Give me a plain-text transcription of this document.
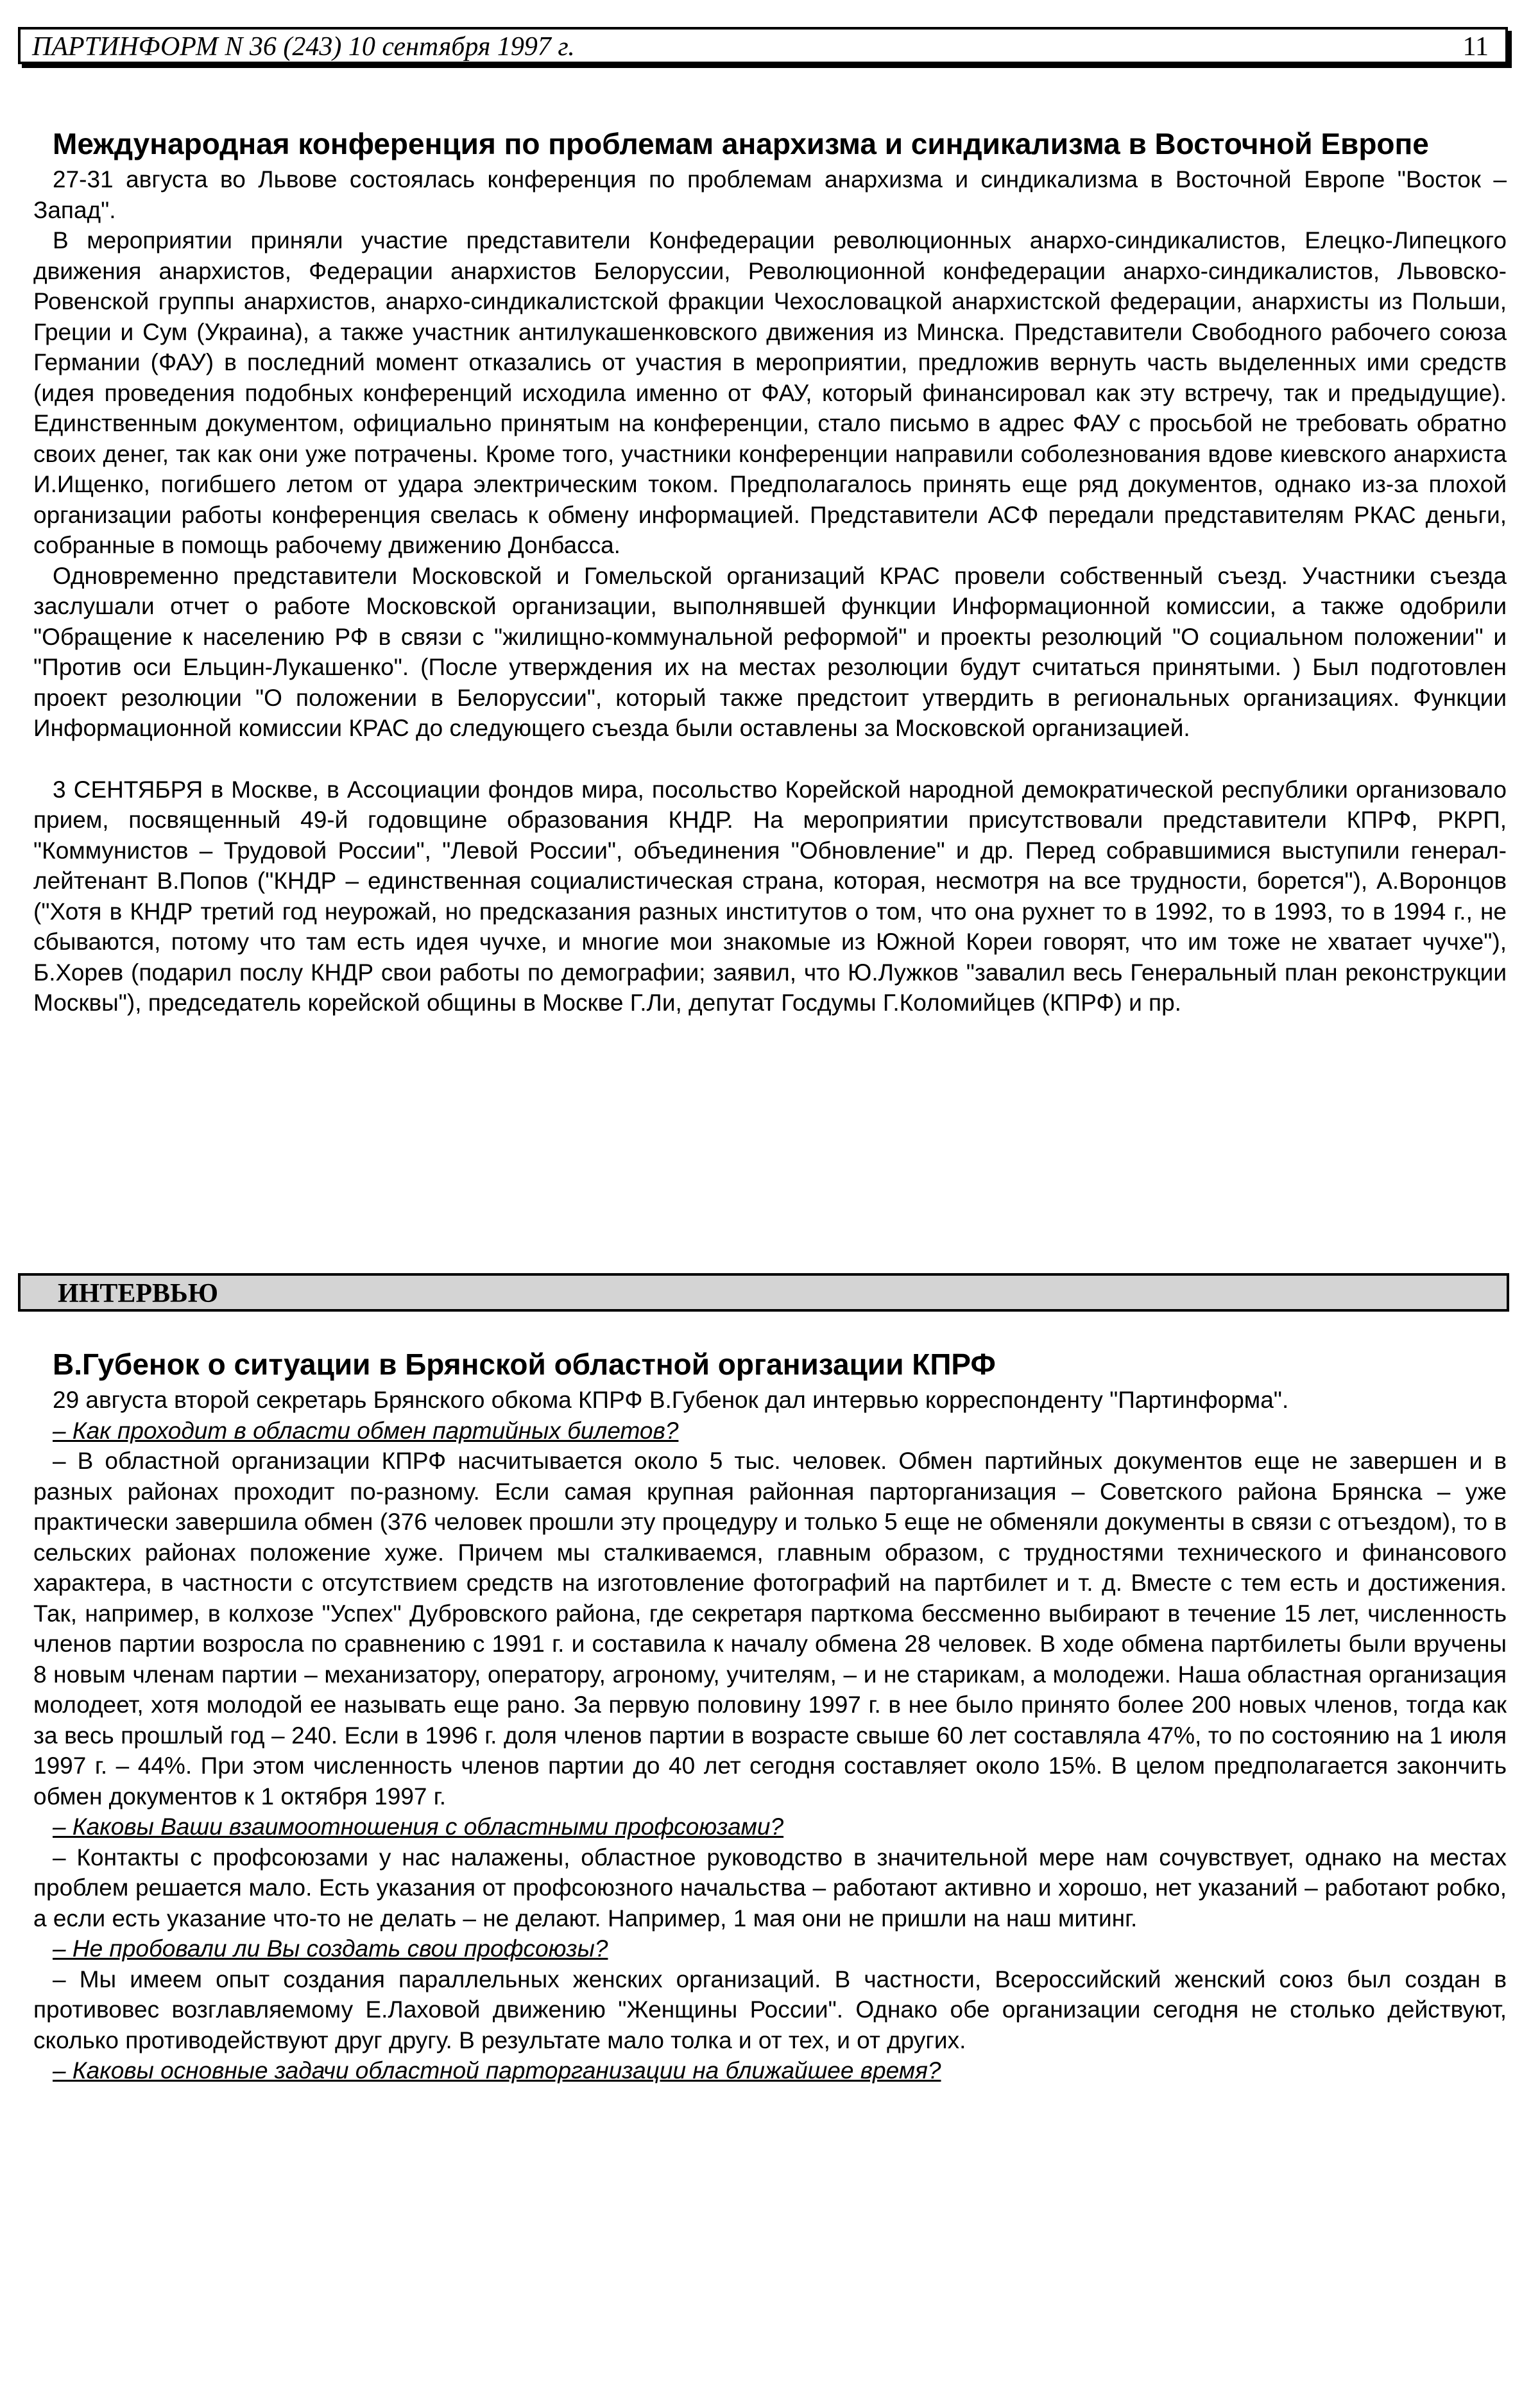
ПАРТИНФОРМ N 36 (243) 10 сентября 1997 г.	11
Международная конференция по проблемам анархизма и синдикализма в Восточной Европе

27-31 августа во Львове состоялась конференция по проблемам анархизма и синдикализма в Восточной Европе "Восток – Запад".

В мероприятии приняли участие представители Конфедерации революционных анархо-синдикалистов, Елецко-Липецкого движения анархистов, Федерации анархистов Белоруссии, Революционной конфедерации анархо-синдикалистов, Львовско-Ровенской группы анархистов, анархо-синдикалистской фракции Чехословацкой анархистской федерации, анархисты из Польши, Греции и Сум (Украина), а также участник антилукашенковского движения из Минска. Представители Свободного рабочего союза Германии (ФАУ) в последний момент отказались от участия в мероприятии, предложив вернуть часть выделенных ими средств (идея проведения подобных конференций исходила именно от ФАУ, который финансировал как эту встречу, так и предыдущие). Единственным документом, официально принятым на конференции, стало письмо в адрес ФАУ с просьбой не требовать обратно своих денег, так как они уже потрачены. Кроме того, участники конференции направили соболезнования вдове киевского анархиста И.Ищенко, погибшего летом от удара электрическим током. Предполагалось принять еще ряд документов, однако из-за плохой организации работы конференция свелась к обмену информацией. Представители АСФ передали представителям РКАС деньги, собранные в помощь рабочему движению Донбасса.

Одновременно представители Московской и Гомельской организаций КРАС провели собственный съезд. Участники съезда заслушали отчет о работе Московской организации, выполнявшей функции Информационной комиссии, а также одобрили "Обращение к населению РФ в связи с "жилищно-коммунальной реформой" и проекты резолюций "О социальном положении" и "Против оси Ельцин-Лукашенко". (После утверждения их на местах резолюции будут считаться принятыми. ) Был подготовлен проект резолюции "О положении в Белоруссии", который также предстоит утвердить в региональных организациях. Функции Информационной комиссии КРАС до следующего съезда были оставлены за Московской организацией.

3 СЕНТЯБРЯ в Москве, в Ассоциации фондов мира, посольство Корейской народной демократической республики организовало прием, посвященный 49-й годовщине образования КНДР. На мероприятии присутствовали представители КПРФ, РКРП, "Коммунистов – Трудовой России", "Левой России", объединения "Обновление" и др. Перед собравшимися выступили генерал-лейтенант В.Попов ("КНДР – единственная социалистическая страна, которая, несмотря на все трудности, борется"), А.Воронцов ("Хотя в КНДР третий год неурожай, но предсказания разных институтов о том, что она рухнет то в 1992, то в 1993, то в 1994 г., не сбываются, потому что там есть идея чучхе, и многие мои знакомые из Южной Кореи говорят, что им тоже не хватает чучхе"), Б.Хорев (подарил послу КНДР свои работы по демографии; заявил, что Ю.Лужков "завалил весь Генеральный план реконструкции Москвы"), председатель корейской общины в Москве Г.Ли, депутат Госдумы Г.Коломийцев (КПРФ) и пр.

ИНТЕРВЬЮ
В.Губенок о ситуации в Брянской областной организации КПРФ

29 августа второй секретарь Брянского обкома КПРФ В.Губенок дал интервью корреспонденту "Партинформа".

– Как проходит в области обмен партийных билетов?

– В областной организации КПРФ насчитывается около 5 тыс. человек. Обмен партийных документов еще не завершен и в разных районах проходит по-разному. Если самая крупная районная парторганизация – Советского района Брянска – уже практически завершила обмен (376 человек прошли эту процедуру и только 5 еще не обменяли документы в связи с отъездом), то в сельских районах положение хуже. Причем мы сталкиваемся, главным образом, с трудностями технического и финансового характера, в частности с отсутствием средств на изготовление фотографий на партбилет и т. д. Вместе с тем есть и достижения. Так, например, в колхозе "Успех" Дубровского района, где секретаря парткома бессменно выбирают в течение 15 лет, численность членов партии возросла по сравнению с 1991 г. и составила к началу обмена 28 человек. В ходе обмена партбилеты были вручены 8 новым членам партии – механизатору, оператору, агроному, учителям, – и не старикам, а молодежи. Наша областная организация молодеет, хотя молодой ее называть еще рано. За первую половину 1997 г. в нее было принято более 200 новых членов, тогда как за весь прошлый год – 240. Если в 1996 г. доля членов партии в возрасте свыше 60 лет составляла 47%, то по состоянию на 1 июля 1997 г. – 44%. При этом численность членов партии до 40 лет сегодня составляет около 15%. В целом предполагается закончить обмен документов к 1 октября 1997 г.

– Каковы Ваши взаимоотношения с областными профсоюзами?

– Контакты с профсоюзами у нас налажены, областное руководство в значительной мере нам сочувствует, однако на местах проблем решается мало. Есть указания от профсоюзного начальства – работают активно и хорошо, нет указаний – работают робко, а если есть указание что-то не делать – не делают. Например, 1 мая они не пришли на наш митинг.

– Не пробовали ли Вы создать свои профсоюзы?

– Мы имеем опыт создания параллельных женских организаций. В частности, Всероссийский женский союз был создан в противовес возглавляемому Е.Лаховой движению "Женщины России". Однако обе организации сегодня не столько действуют, сколько противодействуют друг другу. В результате мало толка и от тех, и от других.

– Каковы основные задачи областной парторганизации на ближайшее время?
